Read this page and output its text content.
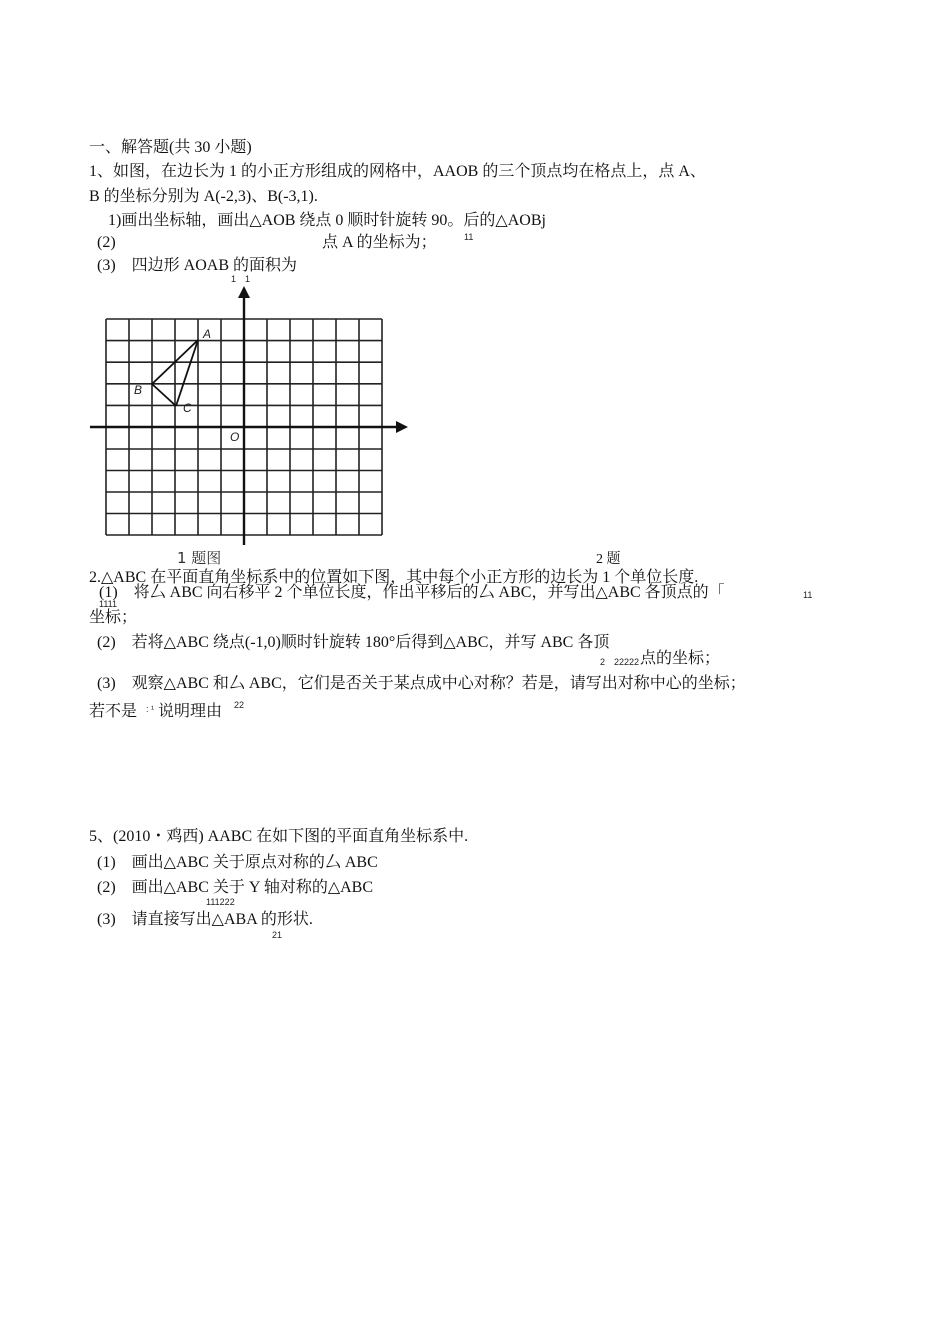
一、解答题(共 30 小题)
1、如图，在边长为 1 的小正方形组成的网格中，AAOB 的三个顶点均在格点上，点 A、
B 的坐标分别为 A(-2,3)、B(-3,1).
1)画出坐标轴，画出△AOB 绕点 0 顺时针旋转 90。后的△AOBj
(2)	点 A 的坐标为；	11
(3)　四边形 AOAB 的面积为
1　1
A
B
C
O
1 题图	2 题
2.△ABC 在平面直角坐标系中的位置如下图，其中每个小正方形的边长为 1 个单位长度.
(1)　将厶 ABC 向右移平 2 个单位长度，作出平移后的厶 ABC，并写出△ABC 各顶点的「	11
1111
坐标；
(2)　若将△ABC 绕点(-1,0)顺时针旋转 180°后得到△ABC，并写 ABC 各顶
2　22222 点的坐标；
(3)　观察△ABC 和厶 ABC，它们是否关于某点成中心对称？若是，请写出对称中心的坐标；
若不是 : ¹ 说明理由 22
5、(2010・鸡西) AABC 在如下图的平面直角坐标系中.
(1)　画出△ABC 关于原点对称的厶 ABC
(2)　画出△ABC 关于 Y 轴对称的△ABC
111222
(3)　请直接写出△ABA 的形状.
21
